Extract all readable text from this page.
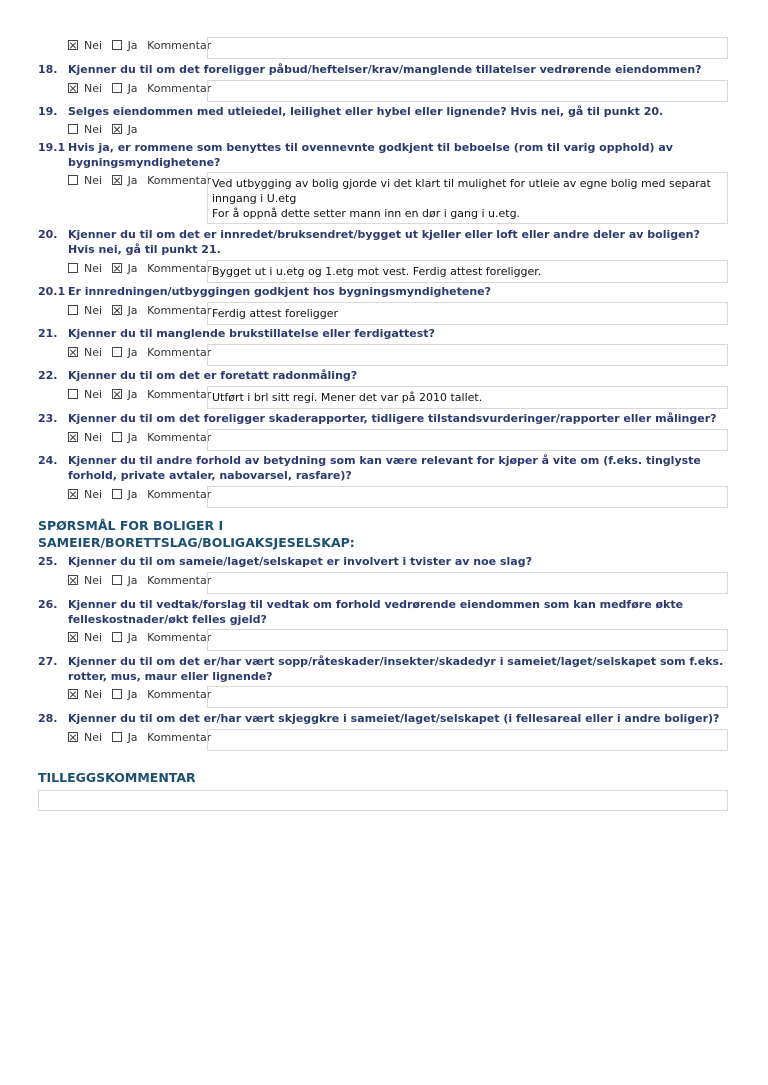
Nei Ja Kommentar
18. Kjenner du til om det foreligger påbud/heftelser/krav/manglende tillatelser vedrørende eiendommen?
Nei Ja Kommentar
19. Selges eiendommen med utleiedel, leilighet eller hybel eller lignende? Hvis nei, gå til punkt 20.
Nei Ja
19.1 Hvis ja, er rommene som benyttes til ovennevnte godkjent til beboelse (rom til varig opphold) av bygningsmyndighetene?
Nei Ja Kommentar Ved utbygging av bolig gjorde vi det klart til mulighet for utleie av egne bolig med separat inngang i U.etg
For å oppnå dette setter mann inn en dør i gang i u.etg.
20. Kjenner du til om det er innredet/bruksendret/bygget ut kjeller eller loft eller andre deler av boligen? Hvis nei, gå til punkt 21.
Nei Ja Kommentar Bygget ut i u.etg og 1.etg mot vest. Ferdig attest foreligger.
20.1 Er innredningen/utbyggingen godkjent hos bygningsmyndighetene?
Nei Ja Kommentar Ferdig attest foreligger
21. Kjenner du til manglende brukstillatelse eller ferdigattest?
Nei Ja Kommentar
22. Kjenner du til om det er foretatt radonmåling?
Nei Ja Kommentar Utført i brl sitt regi. Mener det var på 2010 tallet.
23. Kjenner du til om det foreligger skaderapporter, tidligere tilstandsvurderinger/rapporter eller målinger?
Nei Ja Kommentar
24. Kjenner du til andre forhold av betydning som kan være relevant for kjøper å vite om (f.eks. tinglyste forhold, private avtaler, nabovarsel, rasfare)?
Nei Ja Kommentar
SPØRSMÅL FOR BOLIGER I SAMEIER/BORETTSLAG/BOLIGAKSJESELSKAP:
25. Kjenner du til om sameie/laget/selskapet er involvert i tvister av noe slag?
Nei Ja Kommentar
26. Kjenner du til vedtak/forslag til vedtak om forhold vedrørende eiendommen som kan medføre økte felleskostnader/økt felles gjeld?
Nei Ja Kommentar
27. Kjenner du til om det er/har vært sopp/råteskader/insekter/skadedyr i sameiet/laget/selskapet som f.eks. rotter, mus, maur eller lignende?
Nei Ja Kommentar
28. Kjenner du til om det er/har vært skjeggkre i sameiet/laget/selskapet (i fellesareal eller i andre boliger)?
Nei Ja Kommentar
TILLEGGSKOMMENTAR
